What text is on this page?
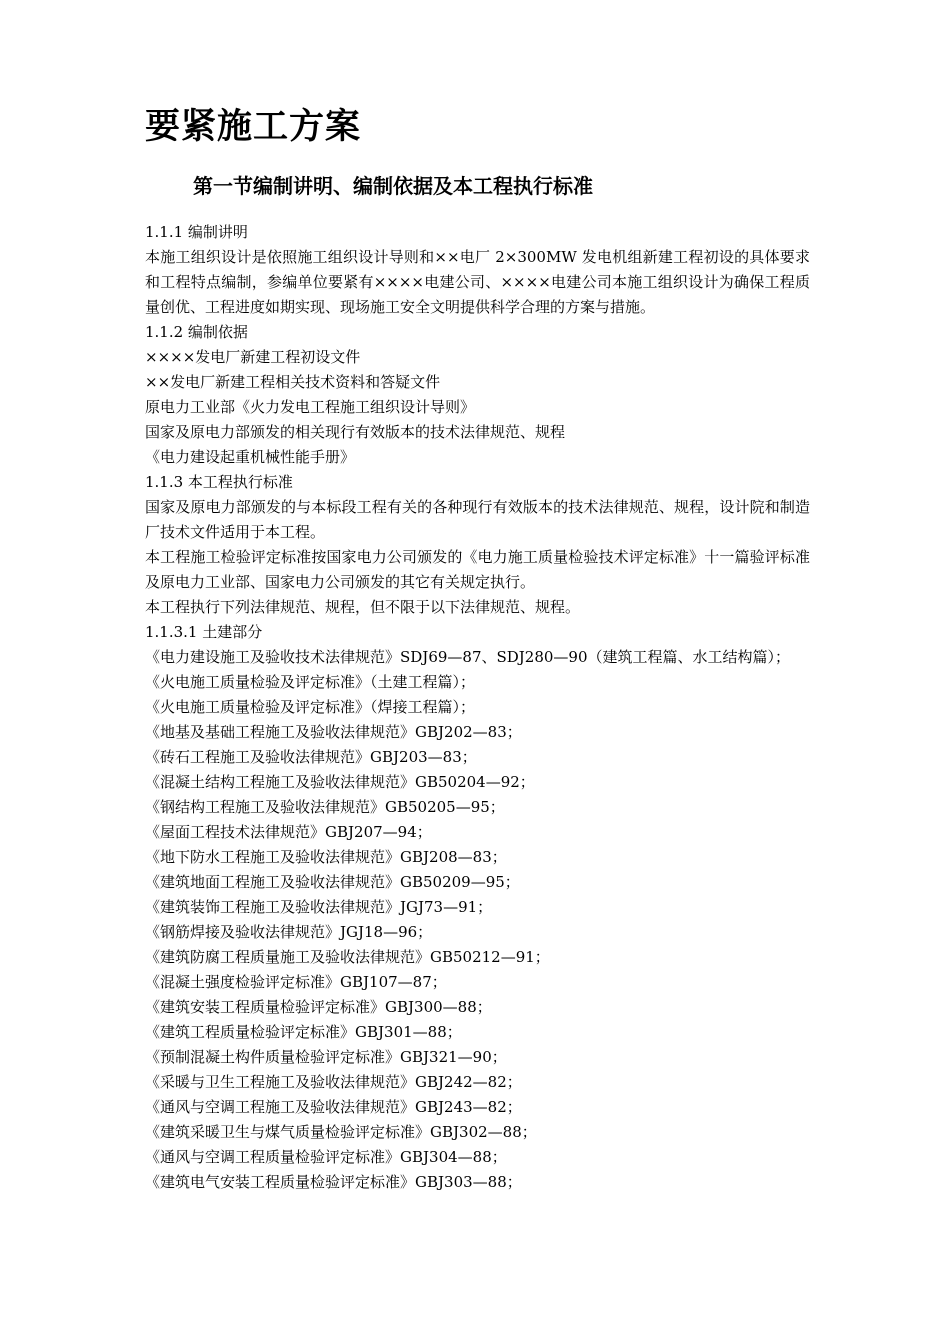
要紧施工方案
第一节编制讲明、编制依据及本工程执行标准
1.1.1 编制讲明
本施工组织设计是依照施工组织设计导则和××电厂 2×300MW 发电机组新建工程初设的具体要求和工程特点编制，参编单位要紧有××××电建公司、××××电建公司本施工组织设计为确保工程质量创优、工程进度如期实现、现场施工安全文明提供科学合理的方案与措施。
1.1.2 编制依据
××××发电厂新建工程初设文件
××发电厂新建工程相关技术资料和答疑文件
原电力工业部《火力发电工程施工组织设计导则》
国家及原电力部颁发的相关现行有效版本的技术法律规范、规程
《电力建设起重机械性能手册》
1.1.3 本工程执行标准
国家及原电力部颁发的与本标段工程有关的各种现行有效版本的技术法律规范、规程，设计院和制造厂技术文件适用于本工程。
本工程施工检验评定标准按国家电力公司颁发的《电力施工质量检验技术评定标准》十一篇验评标准及原电力工业部、国家电力公司颁发的其它有关规定执行。
本工程执行下列法律规范、规程，但不限于以下法律规范、规程。
1.1.3.1 土建部分
《电力建设施工及验收技术法律规范》SDJ69—87、SDJ280—90（建筑工程篇、水工结构篇）；
《火电施工质量检验及评定标准》（土建工程篇）；
《火电施工质量检验及评定标准》（焊接工程篇）；
《地基及基础工程施工及验收法律规范》GBJ202—83；
《砖石工程施工及验收法律规范》GBJ203—83；
《混凝土结构工程施工及验收法律规范》GB50204—92；
《钢结构工程施工及验收法律规范》GB50205—95；
《屋面工程技术法律规范》GBJ207—94；
《地下防水工程施工及验收法律规范》GBJ208—83；
《建筑地面工程施工及验收法律规范》GB50209—95；
《建筑装饰工程施工及验收法律规范》JGJ73—91；
《钢筋焊接及验收法律规范》JGJ18—96；
《建筑防腐工程质量施工及验收法律规范》GB50212—91；
《混凝土强度检验评定标准》GBJ107—87；
《建筑安装工程质量检验评定标准》GBJ300—88；
《建筑工程质量检验评定标准》GBJ301—88；
《预制混凝土构件质量检验评定标准》GBJ321—90；
《采暖与卫生工程施工及验收法律规范》GBJ242—82；
《通风与空调工程施工及验收法律规范》GBJ243—82；
《建筑采暖卫生与煤气质量检验评定标准》GBJ302—88；
《通风与空调工程质量检验评定标准》GBJ304—88；
《建筑电气安装工程质量检验评定标准》GBJ303—88；
